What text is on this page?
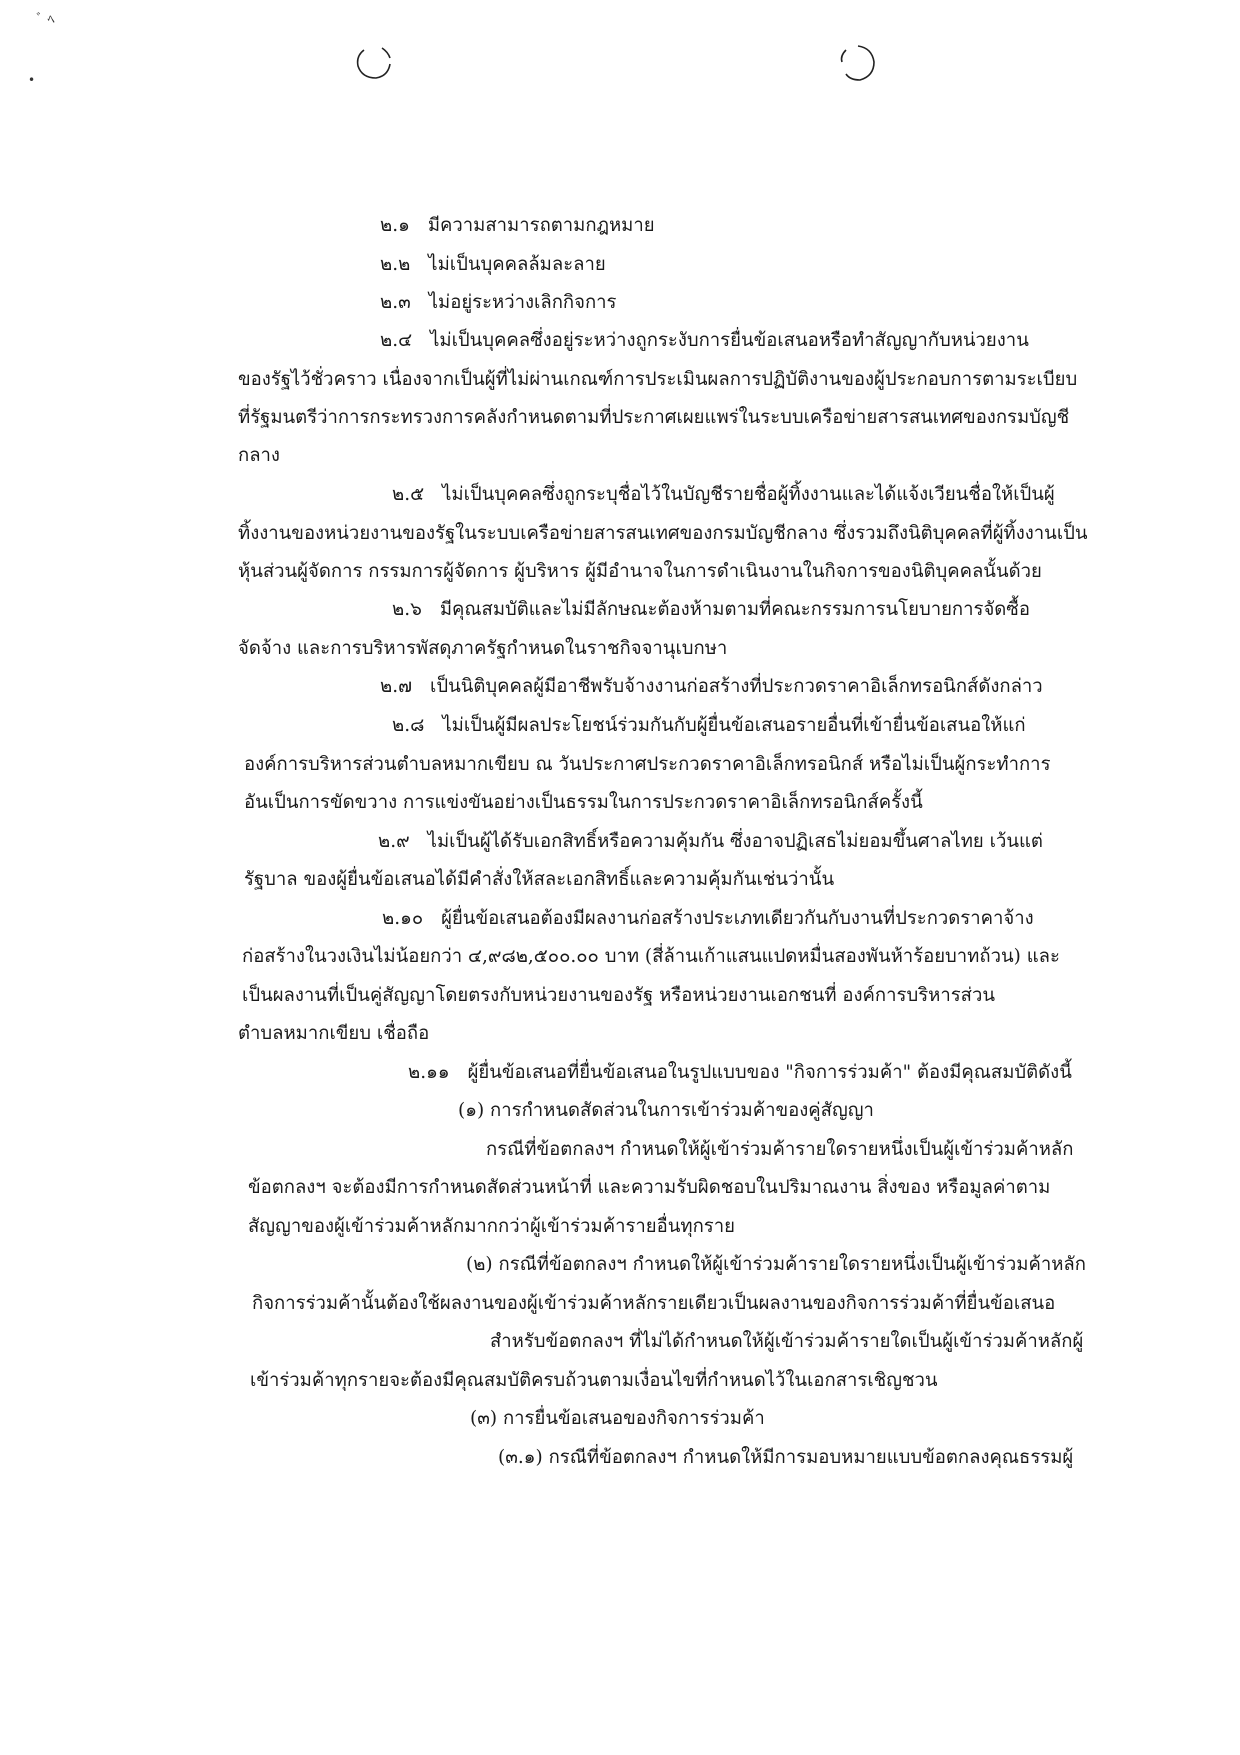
ﾞ ﾍ
•
๒.๑ มีความสามารถตามกฎหมาย
๒.๒ ไม่เป็นบุคคลล้มละลาย
๒.๓ ไม่อยู่ระหว่างเลิกกิจการ
๒.๔ ไม่เป็นบุคคลซึ่งอยู่ระหว่างถูกระงับการยื่นข้อเสนอหรือทำสัญญากับหน่วยงาน
ของรัฐไว้ชั่วคราว เนื่องจากเป็นผู้ที่ไม่ผ่านเกณฑ์การประเมินผลการปฏิบัติงานของผู้ประกอบการตามระเบียบ
ที่รัฐมนตรีว่าการกระทรวงการคลังกำหนดตามที่ประกาศเผยแพร่ในระบบเครือข่ายสารสนเทศของกรมบัญชี
กลาง
๒.๕ ไม่เป็นบุคคลซึ่งถูกระบุชื่อไว้ในบัญชีรายชื่อผู้ทิ้งงานและได้แจ้งเวียนชื่อให้เป็นผู้
ทิ้งงานของหน่วยงานของรัฐในระบบเครือข่ายสารสนเทศของกรมบัญชีกลาง ซึ่งรวมถึงนิติบุคคลที่ผู้ทิ้งงานเป็น
หุ้นส่วนผู้จัดการ กรรมการผู้จัดการ ผู้บริหาร ผู้มีอำนาจในการดำเนินงานในกิจการของนิติบุคคลนั้นด้วย
๒.๖ มีคุณสมบัติและไม่มีลักษณะต้องห้ามตามที่คณะกรรมการนโยบายการจัดซื้อ
จัดจ้าง และการบริหารพัสดุภาครัฐกำหนดในราชกิจจานุเบกษา
๒.๗ เป็นนิติบุคคลผู้มีอาชีพรับจ้างงานก่อสร้างที่ประกวดราคาอิเล็กทรอนิกส์ดังกล่าว
๒.๘ ไม่เป็นผู้มีผลประโยชน์ร่วมกันกับผู้ยื่นข้อเสนอรายอื่นที่เข้ายื่นข้อเสนอให้แก่
องค์การบริหารส่วนตำบลหมากเขียบ ณ วันประกาศประกวดราคาอิเล็กทรอนิกส์ หรือไม่เป็นผู้กระทำการ
อันเป็นการขัดขวาง การแข่งขันอย่างเป็นธรรมในการประกวดราคาอิเล็กทรอนิกส์ครั้งนี้
๒.๙ ไม่เป็นผู้ได้รับเอกสิทธิ์หรือความคุ้มกัน ซึ่งอาจปฏิเสธไม่ยอมขึ้นศาลไทย เว้นแต่
รัฐบาล ของผู้ยื่นข้อเสนอได้มีคำสั่งให้สละเอกสิทธิ์และความคุ้มกันเช่นว่านั้น
๒.๑๐ ผู้ยื่นข้อเสนอต้องมีผลงานก่อสร้างประเภทเดียวกันกับงานที่ประกวดราคาจ้าง
ก่อสร้างในวงเงินไม่น้อยกว่า ๔,๙๘๒,๕๐๐.๐๐ บาท (สี่ล้านเก้าแสนแปดหมื่นสองพันห้าร้อยบาทถ้วน) และ
เป็นผลงานที่เป็นคู่สัญญาโดยตรงกับหน่วยงานของรัฐ หรือหน่วยงานเอกชนที่ องค์การบริหารส่วน
ตำบลหมากเขียบ เชื่อถือ
๒.๑๑ ผู้ยื่นข้อเสนอที่ยื่นข้อเสนอในรูปแบบของ "กิจการร่วมค้า" ต้องมีคุณสมบัติดังนี้
(๑) การกำหนดสัดส่วนในการเข้าร่วมค้าของคู่สัญญา
กรณีที่ข้อตกลงฯ กำหนดให้ผู้เข้าร่วมค้ารายใดรายหนึ่งเป็นผู้เข้าร่วมค้าหลัก
ข้อตกลงฯ จะต้องมีการกำหนดสัดส่วนหน้าที่ และความรับผิดชอบในปริมาณงาน สิ่งของ หรือมูลค่าตาม
สัญญาของผู้เข้าร่วมค้าหลักมากกว่าผู้เข้าร่วมค้ารายอื่นทุกราย
(๒) กรณีที่ข้อตกลงฯ กำหนดให้ผู้เข้าร่วมค้ารายใดรายหนึ่งเป็นผู้เข้าร่วมค้าหลัก
กิจการร่วมค้านั้นต้องใช้ผลงานของผู้เข้าร่วมค้าหลักรายเดียวเป็นผลงานของกิจการร่วมค้าที่ยื่นข้อเสนอ
สำหรับข้อตกลงฯ ที่ไม่ได้กำหนดให้ผู้เข้าร่วมค้ารายใดเป็นผู้เข้าร่วมค้าหลักผู้
เข้าร่วมค้าทุกรายจะต้องมีคุณสมบัติครบถ้วนตามเงื่อนไขที่กำหนดไว้ในเอกสารเชิญชวน
(๓) การยื่นข้อเสนอของกิจการร่วมค้า
(๓.๑) กรณีที่ข้อตกลงฯ กำหนดให้มีการมอบหมายแบบข้อตกลงคุณธรรมผู้
